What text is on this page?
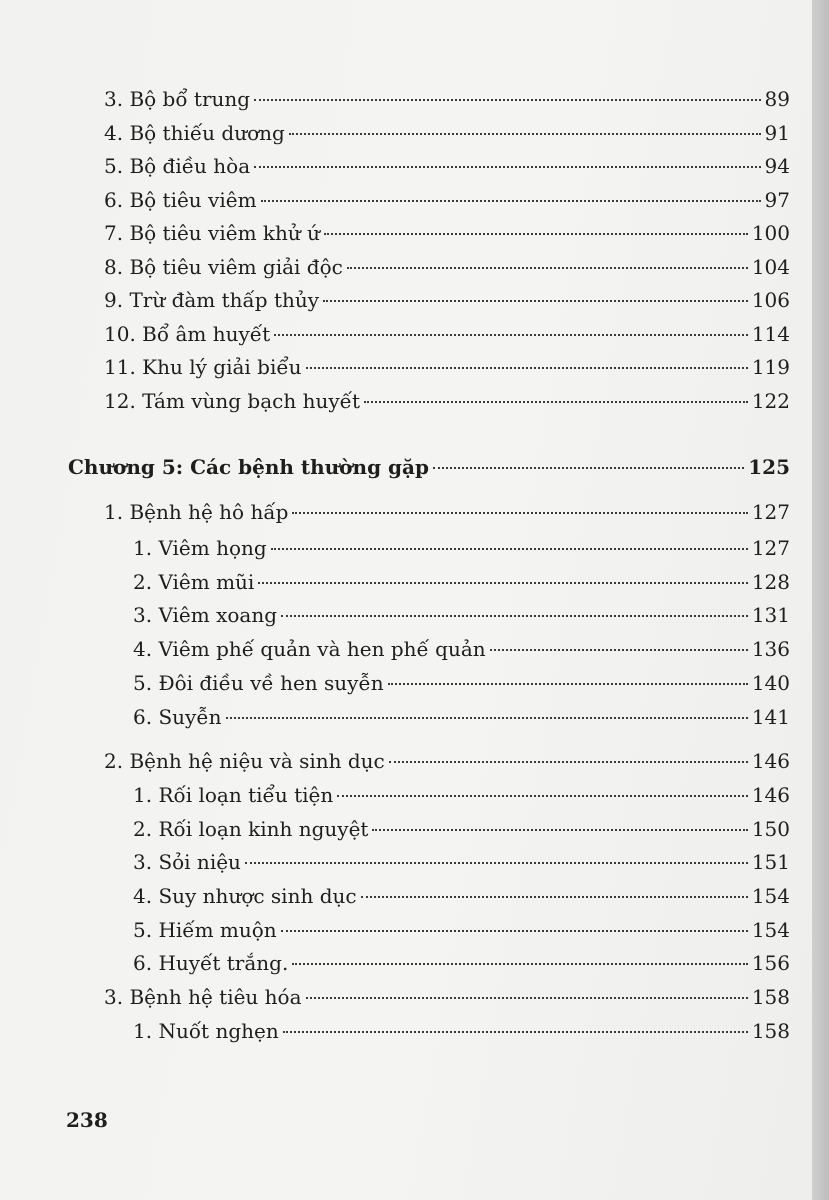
3. Bộ bổ trung	89
4. Bộ thiếu dương	91
5. Bộ điều hòa	94
6. Bộ tiêu viêm	97
7. Bộ tiêu viêm khử ứ	100
8. Bộ tiêu viêm giải độc	104
9. Trừ đàm thấp thủy	106
10. Bổ âm huyết	114
11. Khu lý giải biểu	119
12. Tám vùng bạch huyết	122
Chương 5: Các bệnh thường gặp	125
1. Bệnh hệ hô hấp	127
1. Viêm họng	127
2. Viêm mũi	128
3. Viêm xoang	131
4. Viêm phế quản và hen phế quản	136
5. Đôi điều về hen suyễn	140
6. Suyễn	141
2. Bệnh hệ niệu và sinh dục	146
1. Rối loạn tiểu tiện	146
2. Rối loạn kinh nguyệt	150
3. Sỏi niệu	151
4. Suy nhược sinh dục	154
5. Hiếm muộn	154
6. Huyết trắng.	156
3. Bệnh hệ tiêu hóa	158
1. Nuốt nghẹn	158
238
